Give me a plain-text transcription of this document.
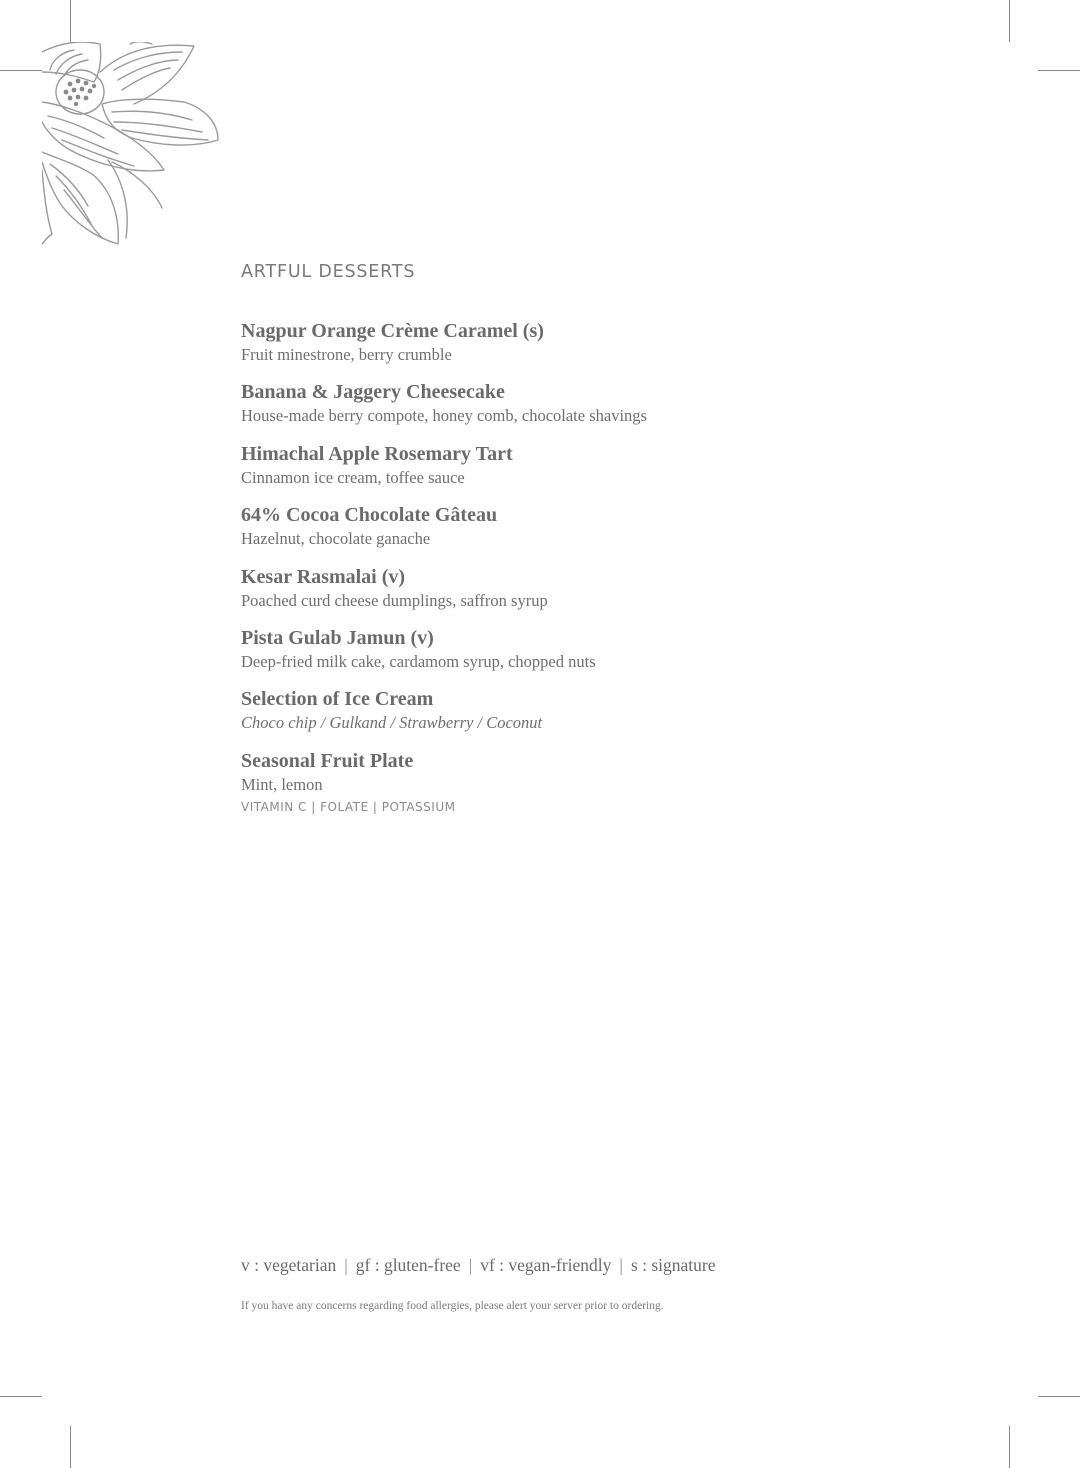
ARTFUL DESSERTS
Nagpur Orange Crème Caramel (s)
Fruit minestrone, berry crumble
Banana & Jaggery Cheesecake
House-made berry compote, honey comb, chocolate shavings
Himachal Apple Rosemary Tart
Cinnamon ice cream, toffee sauce
64% Cocoa Chocolate Gâteau
Hazelnut, chocolate ganache
Kesar Rasmalai (v)
Poached curd cheese dumplings, saffron syrup
Pista Gulab Jamun (v)
Deep-fried milk cake, cardamom syrup, chopped nuts
Selection of Ice Cream
Choco chip / Gulkand / Strawberry / Coconut
Seasonal Fruit Plate
Mint, lemon
VITAMIN C | FOLATE | POTASSIUM
v : vegetarian | gf : gluten-free | vf : vegan-friendly | s : signature
If you have any concerns regarding food allergies, please alert your server prior to ordering.
